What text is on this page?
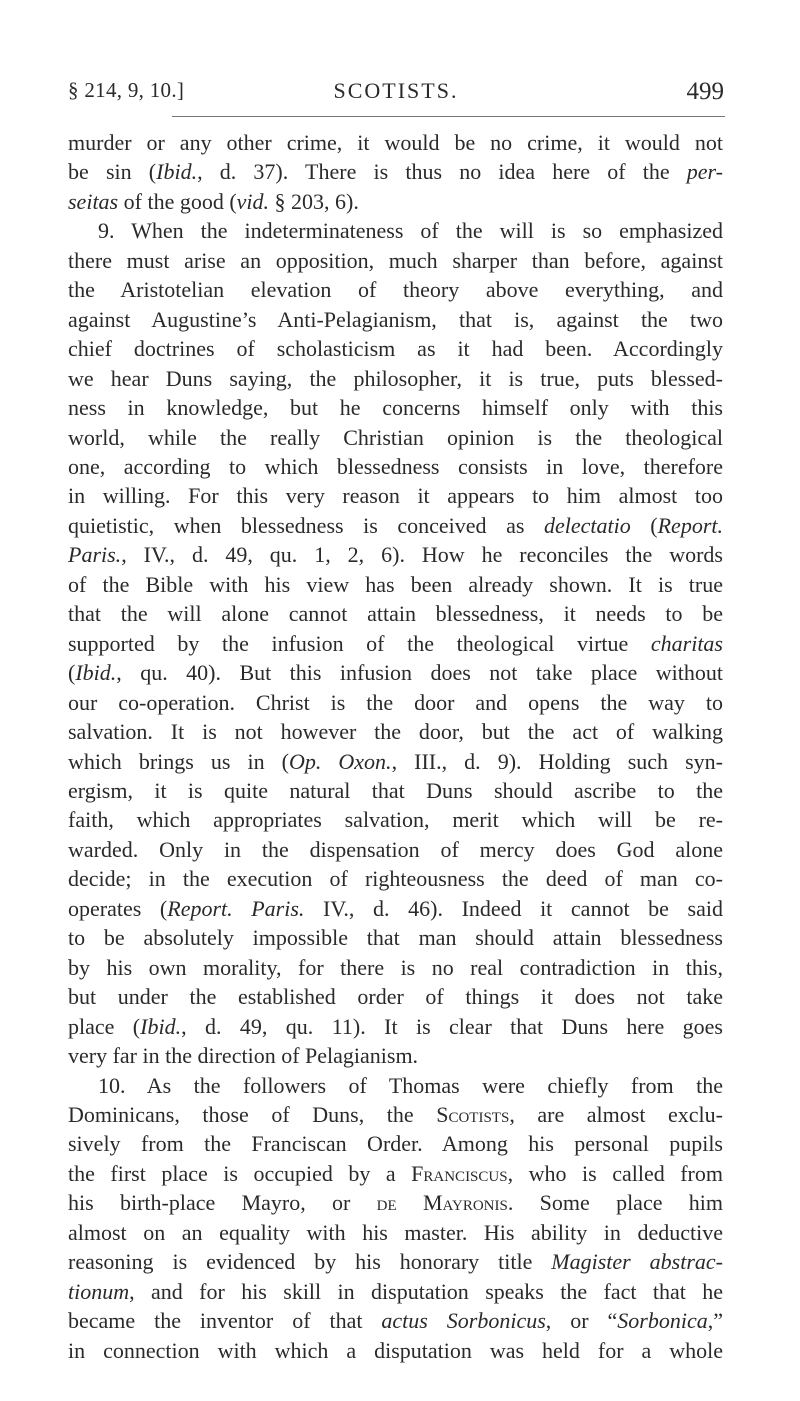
§ 214, 9, 10.]	SCOTISTS.	499
murder or any other crime, it would be no crime, it would not
be sin (Ibid., d. 37). There is thus no idea here of the per-
seitas of the good (vid. § 203, 6).
9. When the indeterminateness of the will is so emphasized
there must arise an opposition, much sharper than before, against
the Aristotelian elevation of theory above everything, and
against Augustine’s Anti-Pelagianism, that is, against the two
chief doctrines of scholasticism as it had been. Accordingly
we hear Duns saying, the philosopher, it is true, puts blessed-
ness in knowledge, but he concerns himself only with this
world, while the really Christian opinion is the theological
one, according to which blessedness consists in love, therefore
in willing. For this very reason it appears to him almost too
quietistic, when blessedness is conceived as delectatio (Report.
Paris., IV., d. 49, qu. 1, 2, 6). How he reconciles the words
of the Bible with his view has been already shown. It is true
that the will alone cannot attain blessedness, it needs to be
supported by the infusion of the theological virtue charitas
(Ibid., qu. 40). But this infusion does not take place without
our co-operation. Christ is the door and opens the way to
salvation. It is not however the door, but the act of walking
which brings us in (Op. Oxon., III., d. 9). Holding such syn-
ergism, it is quite natural that Duns should ascribe to the
faith, which appropriates salvation, merit which will be re-
warded. Only in the dispensation of mercy does God alone
decide; in the execution of righteousness the deed of man co-
operates (Report. Paris. IV., d. 46). Indeed it cannot be said
to be absolutely impossible that man should attain blessedness
by his own morality, for there is no real contradiction in this,
but under the established order of things it does not take
place (Ibid., d. 49, qu. 11). It is clear that Duns here goes
very far in the direction of Pelagianism.
10. As the followers of Thomas were chiefly from the
Dominicans, those of Duns, the Scotists, are almost exclu-
sively from the Franciscan Order. Among his personal pupils
the first place is occupied by a Franciscus, who is called from
his birth-place Mayro, or de Mayronis. Some place him
almost on an equality with his master. His ability in deductive
reasoning is evidenced by his honorary title Magister abstrac-
tionum, and for his skill in disputation speaks the fact that he
became the inventor of that actus Sorbonicus, or “Sorbonica,”
in connection with which a disputation was held for a whole
